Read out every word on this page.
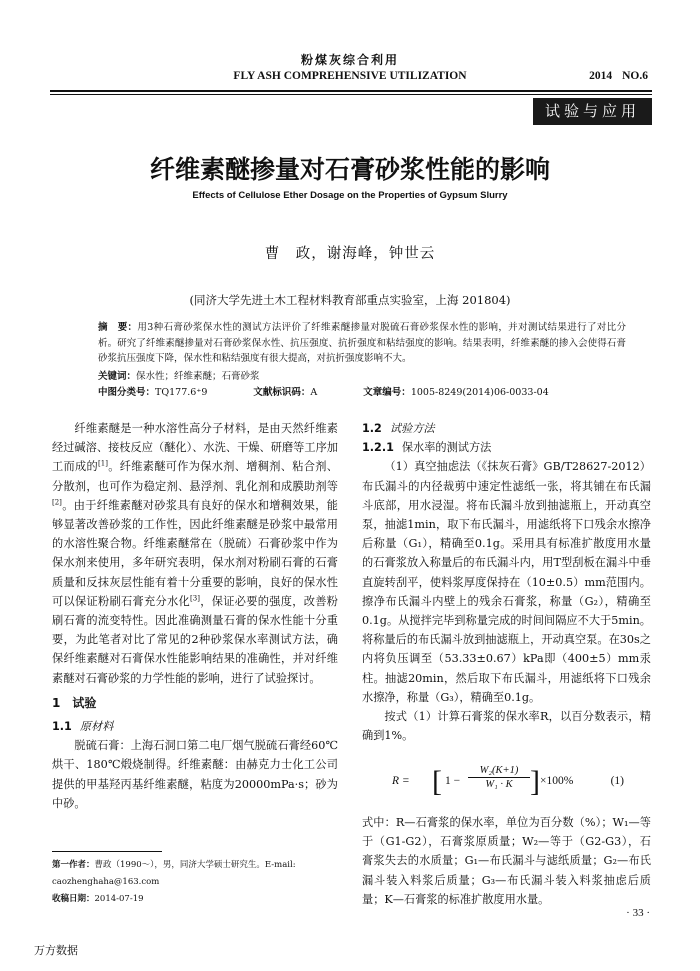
粉煤灰综合利用
FLY ASH COMPREHENSIVE UTILIZATION	2014 NO.6
试验与应用
纤维素醚掺量对石膏砂浆性能的影响
Effects of Cellulose Ether Dosage on the Properties of Gypsum Slurry
曹　政，谢海峰，钟世云
(同济大学先进土木工程材料教育部重点实验室，上海 201804)
摘　要：用3种石膏砂浆保水性的测试方法评价了纤维素醚掺量对脱硫石膏砂浆保水性的影响，并对测试结果进行了对比分析。研究了纤维素醚掺量对石膏砂浆保水性、抗压强度、抗折强度和粘结强度的影响。结果表明，纤维素醚的掺入会使得石膏砂浆抗压强度下降，保水性和粘结强度有很大提高，对抗折强度影响不大。
关键词：保水性；纤维素醚；石膏砂浆
中图分类号：TQ177.6⁺9	文献标识码：A	文章编号：1005-8249(2014)06-0033-04

纤维素醚是一种水溶性高分子材料，是由天然纤维素经过碱溶、接枝反应（醚化）、水洗、干燥、研磨等工序加工而成的[1]。纤维素醚可作为保水剂、增稠剂、粘合剂、分散剂，也可作为稳定剂、悬浮剂、乳化剂和成膜助剂等[2]。由于纤维素醚对砂浆具有良好的保水和增稠效果，能够显著改善砂浆的工作性，因此纤维素醚是砂浆中最常用的水溶性聚合物。纤维素醚常在（脱硫）石膏砂浆中作为保水剂来使用，多年研究表明，保水剂对粉刷石膏的石膏质量和反抹灰层性能有着十分重要的影响，良好的保水性可以保证粉刷石膏充分水化[3]，保证必要的强度，改善粉刷石膏的流变特性。因此准确测量石膏的保水性能十分重要，为此笔者对比了常见的2种砂浆保水率测试方法，确保纤维素醚对石膏保水性能影响结果的准确性，并对纤维素醚对石膏砂浆的力学性能的影响，进行了试验探讨。

1　试验
1.1 原材料

脱硫石膏：上海石洞口第二电厂烟气脱硫石膏经60℃烘干、180℃煅烧制得。纤维素醚：由赫克力士化工公司提供的甲基羟丙基纤维素醚，粘度为20000mPa·s；砂为中砂。

第一作者：曹政（1990～），男，同济大学硕士研究生。E-mail:
caozhenghaha@163.com
收稿日期：2014-07-19
1.2 试验方法
1.2.1 保水率的测试方法

（1）真空抽虑法（《抹灰石膏》GB/T28627-2012）布氏漏斗的内径裁剪中速定性滤纸一张，将其铺在布氏漏斗底部，用水浸湿。将布氏漏斗放到抽滤瓶上，开动真空泵，抽滤1min，取下布氏漏斗，用滤纸将下口残余水擦净后称量（G₁），精确至0.1g。采用具有标准扩散度用水量的石膏浆放入称量后的布氏漏斗内，用T型刮板在漏斗中垂直旋转刮平，使料浆厚度保持在（10±0.5）mm范围内。擦净布氏漏斗内壁上的残余石膏浆，称量（G₂），精确至0.1g。从搅拌完毕到称量完成的时间间隔应不大于5min。将称量后的布氏漏斗放到抽滤瓶上，开动真空泵。在30s之内将负压调至（53.33±0.67）kPa即（400±5）mm汞柱。抽滤20min，然后取下布氏漏斗，用滤纸将下口残余水擦净，称量（G₃），精确至0.1g。

按式（1）计算石膏浆的保水率R，以百分数表示，精确到1%。

R = [ $1 - \frac{\text{W₂(K+1)}}{\text{W₁ · K}}$ ] ×100%	(1)
式中：R—石膏浆的保水率，单位为百分数（%）；W₁—等于（G1-G2），石膏浆原质量；W₂—等于（G2-G3），石膏浆失去的水质量；G₁—布氏漏斗与滤纸质量；G₂—布氏漏斗装入料浆后质量；G₃—布氏漏斗装入料浆抽虑后质量；K—石膏浆的标准扩散度用水量。
· 33 ·
万方数据
